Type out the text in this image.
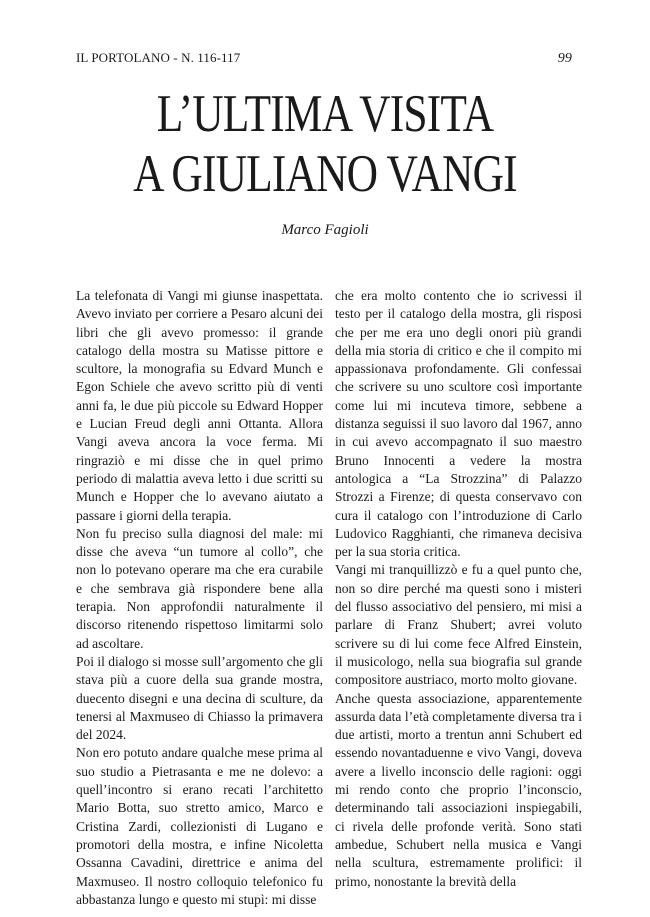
IL PORTOLANO - N. 116-117	99
L’ULTIMA VISITA
A GIULIANO VANGI
Marco Fagioli

La telefonata di Vangi mi giunse inaspettata. Avevo inviato per corriere a Pesaro alcuni dei libri che gli avevo promesso: il grande catalogo della mostra su Matisse pittore e scultore, la monografia su Edvard Munch e Egon Schiele che avevo scritto più di venti anni fa, le due più piccole su Edward Hopper e Lucian Freud degli anni Ottanta. Allora Vangi aveva ancora la voce ferma. Mi ringraziò e mi disse che in quel primo periodo di malattia aveva letto i due scritti su Munch e Hopper che lo avevano aiutato a passare i giorni della terapia.

Non fu preciso sulla diagnosi del male: mi disse che aveva “un tumore al collo”, che non lo potevano operare ma che era curabile e che sembrava già rispondere bene alla terapia. Non approfondii naturalmente il discorso ritenendo rispettoso limitarmi solo ad ascoltare.

Poi il dialogo si mosse sull’argomento che gli stava più a cuore della sua grande mostra, duecento disegni e una decina di sculture, da tenersi al Maxmuseo di Chiasso la primavera del 2024.

Non ero potuto andare qualche mese prima al suo studio a Pietrasanta e me ne dolevo: a quell’incontro si erano recati l’architetto Mario Botta, suo stretto amico, Marco e Cristina Zardi, collezionisti di Lugano e promotori della mostra, e infine Nicoletta Ossanna Cavadini, direttrice e anima del Maxmuseo. Il nostro colloquio telefonico fu abbastanza lungo e questo mi stupì: mi disse

che era molto contento che io scrivessi il testo per il catalogo della mostra, gli risposi che per me era uno degli onori più grandi della mia storia di critico e che il compito mi appassionava profondamente. Gli confessai che scrivere su uno scultore così importante come lui mi incuteva timore, sebbene a distanza seguissi il suo lavoro dal 1967, anno in cui avevo accompagnato il suo maestro Bruno Innocenti a vedere la mostra antologica a “La Strozzina” di Palazzo Strozzi a Firenze; di questa conservavo con cura il catalogo con l’introduzione di Carlo Ludovico Ragghianti, che rimaneva decisiva per la sua storia critica.

Vangi mi tranquillizzò e fu a quel punto che, non so dire perché ma questi sono i misteri del flusso associativo del pensiero, mi misi a parlare di Franz Shubert; avrei voluto scrivere su di lui come fece Alfred Einstein, il musicologo, nella sua biografia sul grande compositore austriaco, morto molto giovane.

Anche questa associazione, apparentemente assurda data l’età completamente diversa tra i due artisti, morto a trentun anni Schubert ed essendo novantaduenne e vivo Vangi, doveva avere a livello inconscio delle ragioni: oggi mi rendo conto che proprio l’inconscio, determinando tali associazioni inspiegabili, ci rivela delle profonde verità. Sono stati ambedue, Schubert nella musica e Vangi nella scultura, estremamente prolifici: il primo, nonostante la brevità della
